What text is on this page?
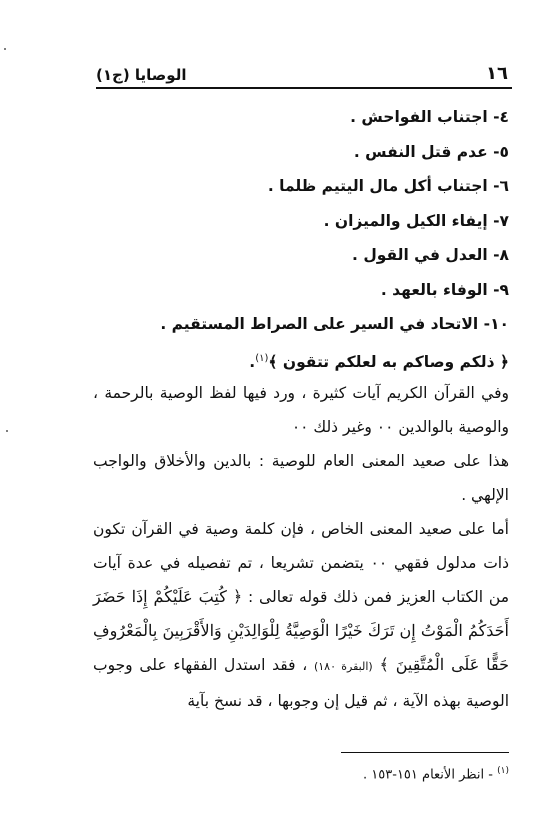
١٦
الوصايا (ج١)
٤- اجتناب الفواحش .
٥- عدم قتل النفس .
٦- اجتناب أكل مال اليتيم ظلما .
٧- إيفاء الكيل والميزان .
٨- العدل في القول .
٩- الوفاء بالعهد .
١٠- الاتحاد في السير على الصراط المستقيم .
﴿ ذلكم وصاكم به لعلكم تتقون ﴾$^{(١)}$.

وفي القرآن الكريم آيات كثيرة ، ورد فيها لفظ الوصية بالرحمة ، والوصية بالوالدين ٠٠ وغير ذلك ٠٠

هذا على صعيد المعنى العام للوصية : بالدين والأخلاق والواجب الإلهي .

أما على صعيد المعنى الخاص ، فإن كلمة وصية في القرآن تكون ذات مدلول فقهي ٠٠ يتضمن تشريعا ، تم تفصيله في عدة آيات من الكتاب العزيز فمن ذلك قوله تعالى : ﴿ كُتِبَ عَلَيْكُمْ إِذَا حَضَرَ أَحَدَكُمُ الْمَوْتُ إِن تَرَكَ خَيْرًا الْوَصِيَّةُ لِلْوَالِدَيْنِ وَالأَقْرَبِينَ بِالْمَعْرُوفِ حَقًّا عَلَى الْمُتَّقِينَ ﴾ (البقرة ١٨٠) ، فقد استدل الفقهاء على وجوب الوصية بهذه الآية ، ثم قيل إن وجوبها ، قد نسخ بآية

$^{(١)}$ - انظر الأنعام ١٥١-١٥٣ .
